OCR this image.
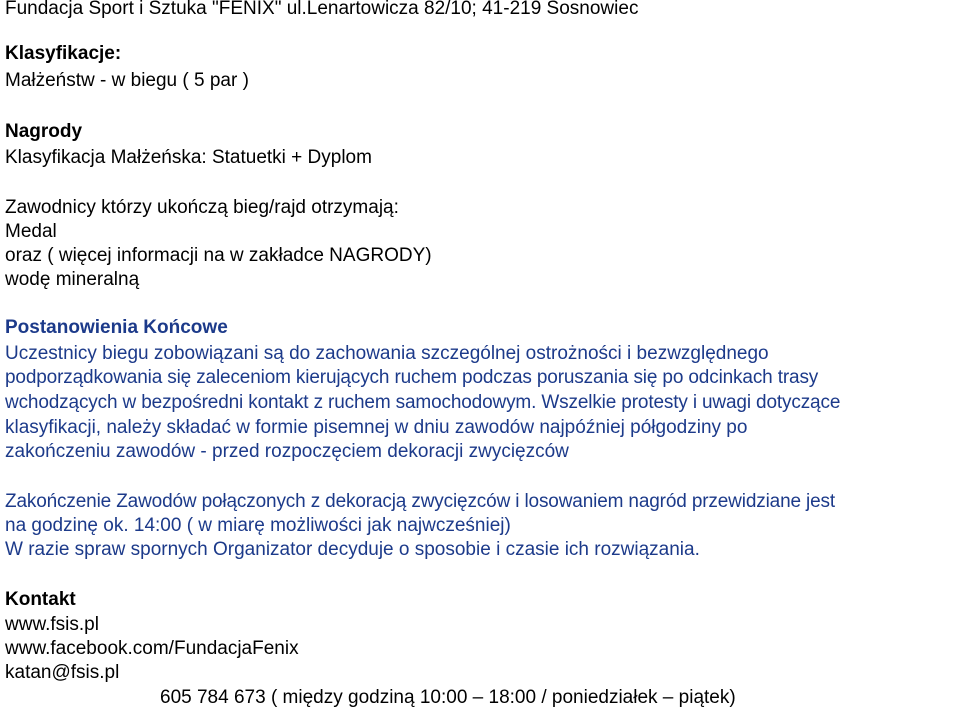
Fundacja Sport i Sztuka "FENIX" ul.Lenartowicza 82/10; 41-219 Sosnowiec
Klasyfikacje:
Małżeństw - w biegu ( 5 par )
Nagrody
Klasyfikacja Małżeńska: Statuetki + Dyplom
Zawodnicy którzy ukończą bieg/rajd otrzymają:
Medal
oraz ( więcej informacji na w zakładce NAGRODY)
wodę mineralną
Postanowienia Końcowe
Uczestnicy biegu zobowiązani są do zachowania szczególnej ostrożności i bezwzględnego
podporządkowania się zaleceniom kierujących ruchem podczas poruszania się po odcinkach trasy
wchodzących w bezpośredni kontakt z ruchem samochodowym. Wszelkie protesty i uwagi dotyczące
klasyfikacji, należy składać w formie pisemnej w dniu zawodów najpóźniej półgodziny po
zakończeniu zawodów - przed rozpoczęciem dekoracji zwycięzców
Zakończenie Zawodów połączonych z dekoracją zwycięzców i losowaniem nagród przewidziane jest
na godzinę ok. 14:00 ( w miarę możliwości jak najwcześniej)
W razie spraw spornych Organizator decyduje o sposobie i czasie ich rozwiązania.
Kontakt
www.fsis.pl
www.facebook.com/FundacjaFenix
katan@fsis.pl
605 784 673 ( między godziną 10:00 – 18:00 / poniedziałek – piątek)
